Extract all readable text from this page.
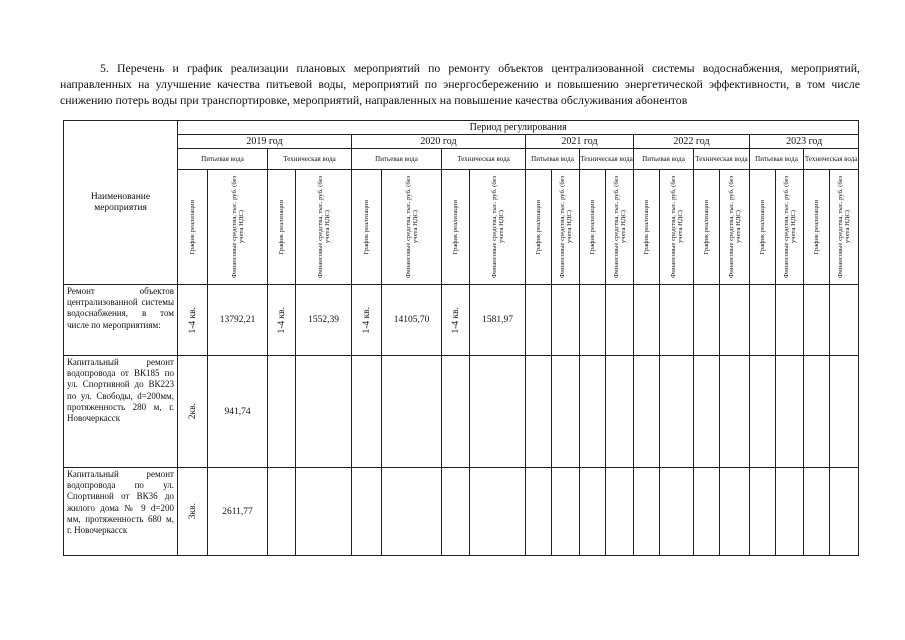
5. Перечень и график реализации плановых мероприятий по ремонту объектов централизованной системы водоснабжения, мероприятий, направленных на улучшение качества питьевой воды, мероприятий по энергосбережению и повышению энергетической эффективности, в том числе снижению потерь воды при транспортировке, мероприятий, направленных на повышение качества обслуживания абонентов
Наименование мероприятия	Период регулирования																			
	2019 год				2020 год				2021 год				2022 год				2023 год			
	Питьевая вода		Техническая вода		Питьевая вода		Техническая вода		Питьевая вода		Техническая вода		Питьевая вода		Техническая вода		Питьевая вода		Техническая вода	

	График реализации	Финансовые средства, тыс. руб. (без учета НДС)	График реализации	Финансовые средства, тыс. руб. (без учета НДС)	График реализации	Финансовые средства, тыс. руб. (без учета НДС)	График реализации	Финансовые средства, тыс. руб. (без учета НДС)	График реализации	Финансовые средства, тыс. руб. (без учета НДС)	График реализации	Финансовые средства, тыс. руб. (без учета НДС)	График реализации	Финансовые средства, тыс. руб. (без учета НДС)	График реализации	Финансовые средства, тыс. руб. (без учета НДС)	График реализации	Финансовые средства, тыс. руб. (без учета НДС)	График реализации	Финансовые средства, тыс. руб. (без учета НДС)

Ремонт объектов централизованной системы водоснабжения, в том числе по мероприятиям:	1-4 кв.	13792,21	1-4 кв.	1552,39	1-4 кв.	14105,70	1-4 кв.	1581,97	

Капитальный ремонт водопровода от ВК185 по ул. Спортивной до ВК223 по ул. Свободы, d=200мм, протяженность 280 м, г. Новочеркасск	2кв.	941,74	

Капитальный ремонт водопровода по ул. Спортивной от ВК36 до жилого дома № 9 d=200 мм, протяженность 680 м, г. Новочеркасск	3кв.	2611,77	
